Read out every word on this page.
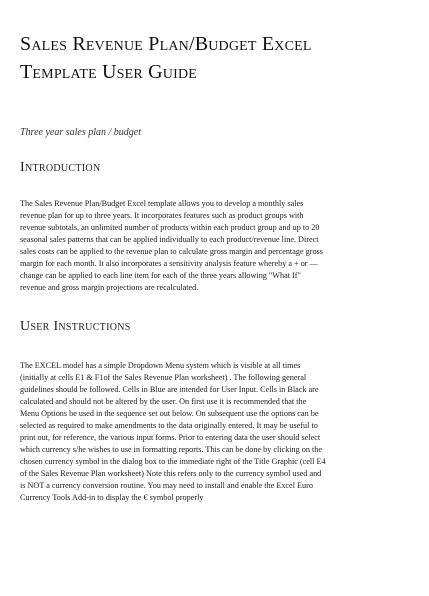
Sales Revenue Plan/Budget Excel
Template User Guide
Three year sales plan / budget
Introduction
The Sales Revenue Plan/Budget Excel template allows you to develop a monthly sales
revenue plan for up to three years. It incorporates features such as product groups with
revenue subtotals, an unlimited number of products within each product group and up to 20
seasonal sales patterns that can be applied individually to each product/revenue line. Direct
sales costs can be applied to the revenue plan to calculate gross margin and percentage gross
margin for each month. It also incorporates a sensitivity analysis feature whereby a + or —
change can be applied to each line item for each of the three years allowing "What If"
revenue and gross margin projections are recalculated.
User Instructions
The EXCEL model has a simple Dropdown Menu system which is visible at all times
(initially at cells E1 & F1of the Sales Revenue Plan worksheet) . The following general
guidelines should be followed. Cells in Blue are intended for User Input. Cells in Black are
calculated and should not be altered by the user. On first use it is recommended that the
Menu Options be used in the sequence set out below. On subsequent use the options can be
selected as required to make amendments to the data originally entered. It may be useful to
print out, for reference, the various input forms. Prior to entering data the user should select
which currency s/he wishes to use in formatting reports. This can be done by clicking on the
chosen currency symbol in the dialog box to the immediate right of the Title Graphic (cell E4
of the Sales Revenue Plan worksheet) Note this refers only to the currency symbol used and
is NOT a currency conversion routine. You may need to install and enable the Excel Euro
Currency Tools Add-in to display the € symbol properly
